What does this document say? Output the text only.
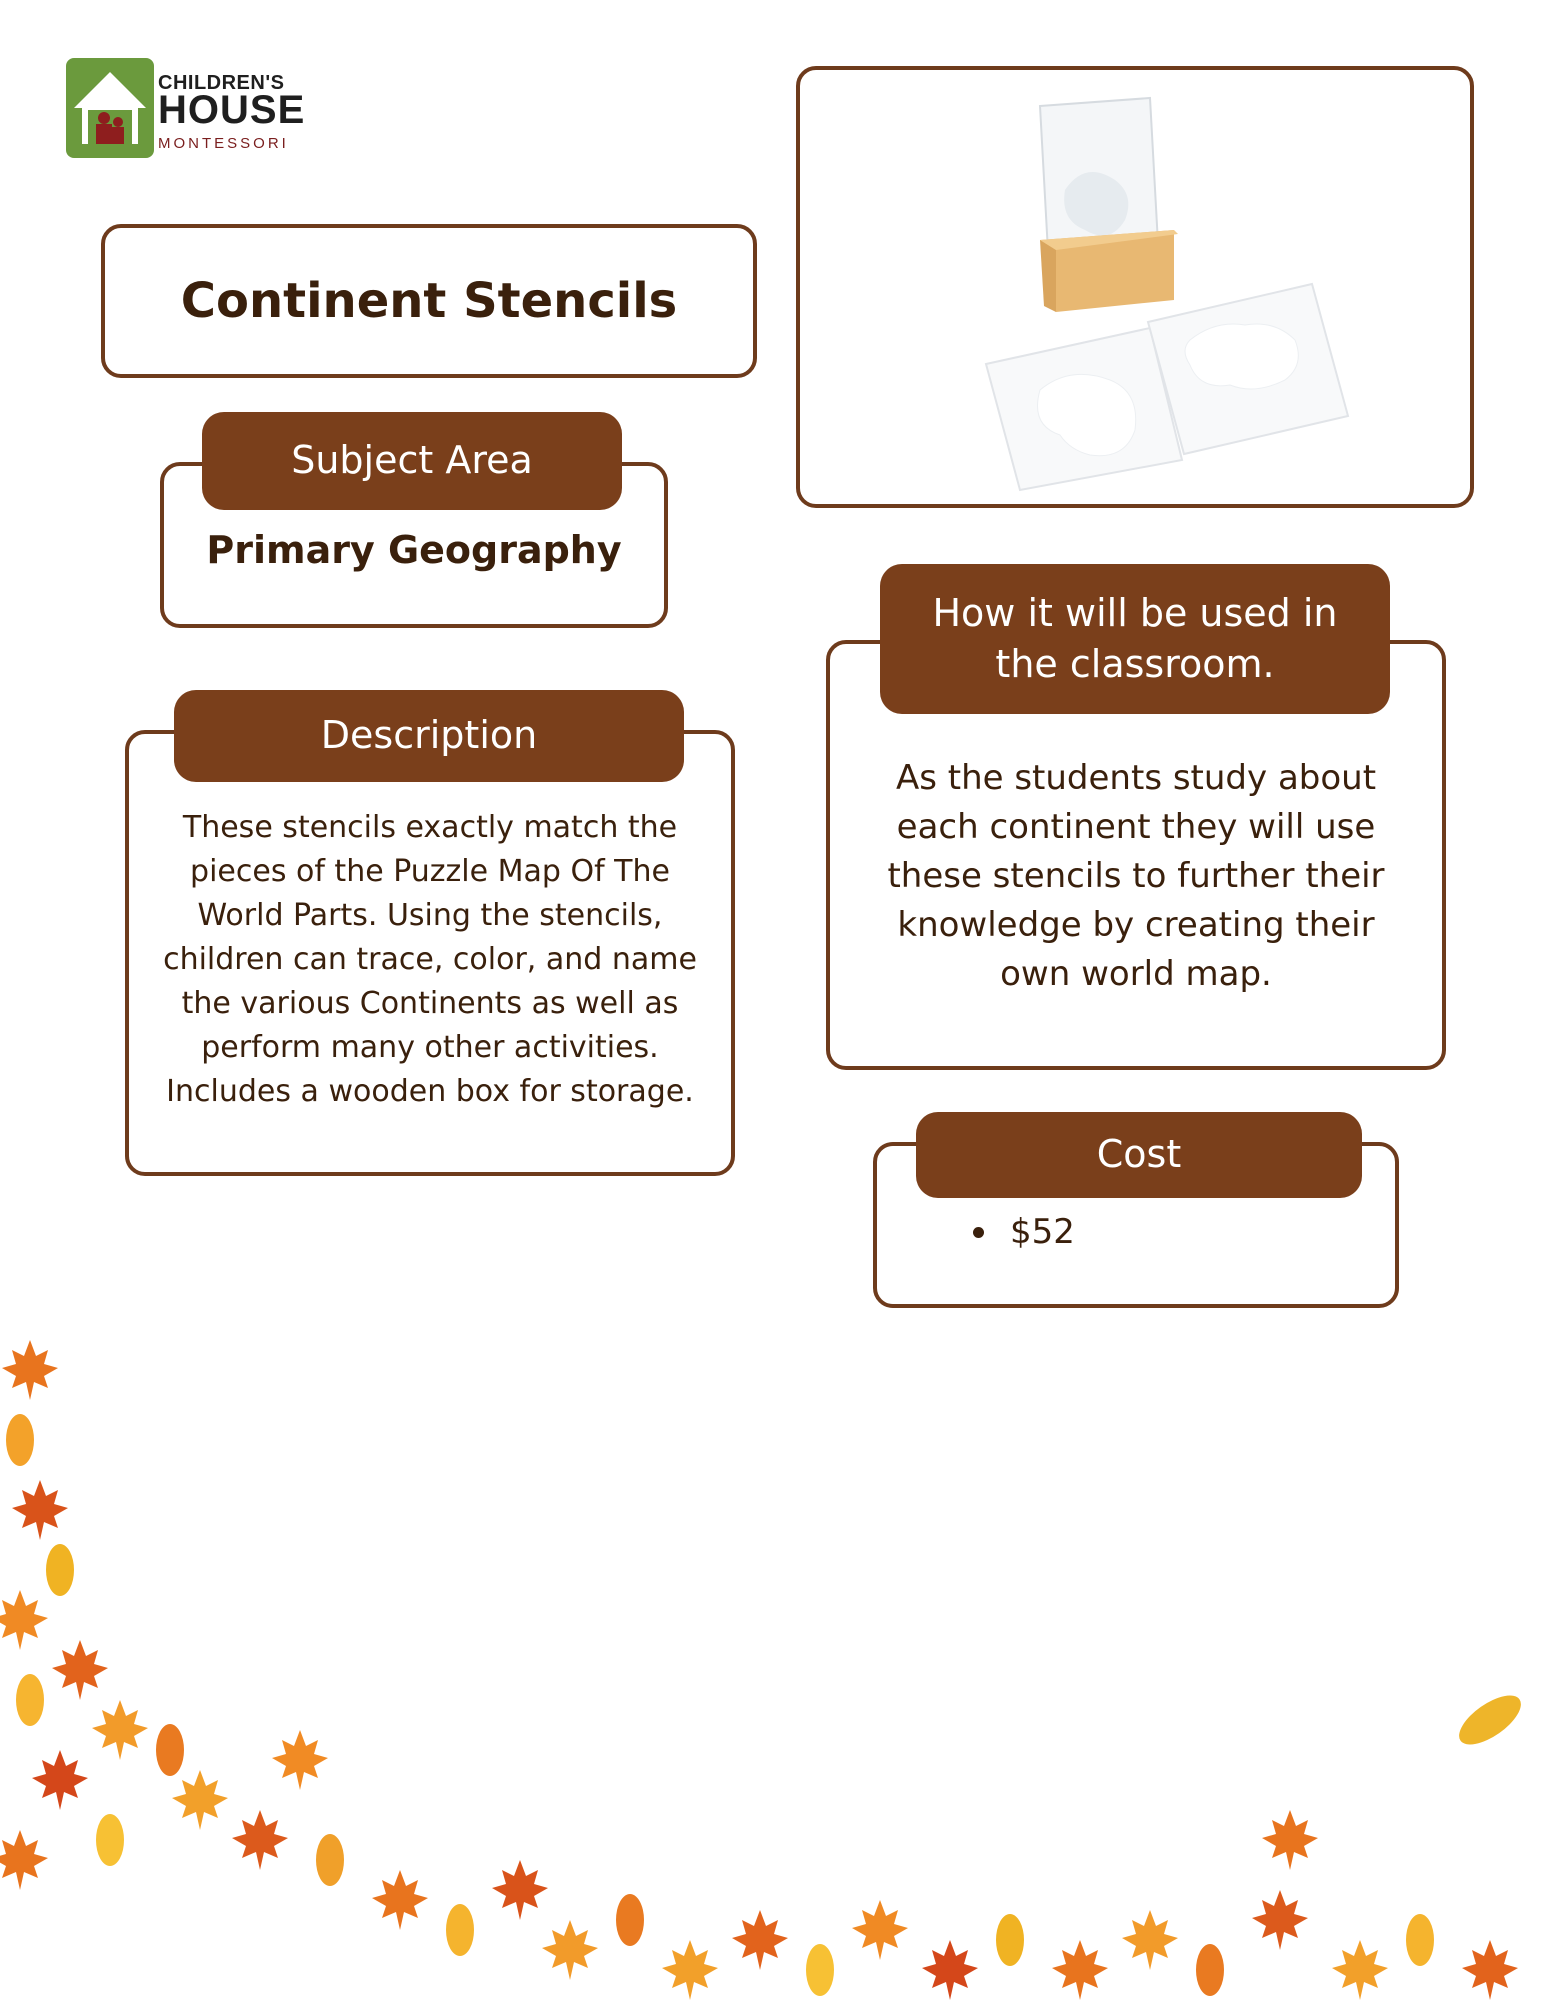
CHILDREN'S
HOUSE
MONTESSORI
Continent Stencils
Primary Geography
Subject Area
These stencils exactly match the pieces of the Puzzle Map Of The World Parts. Using the stencils, children can trace, color, and name the various Continents as well as perform many other activities. Includes a wooden box for storage.
Description
As the students study about each continent they will use these stencils to further their knowledge by creating their own world map.
How it will be used in the classroom.
$52
Cost
